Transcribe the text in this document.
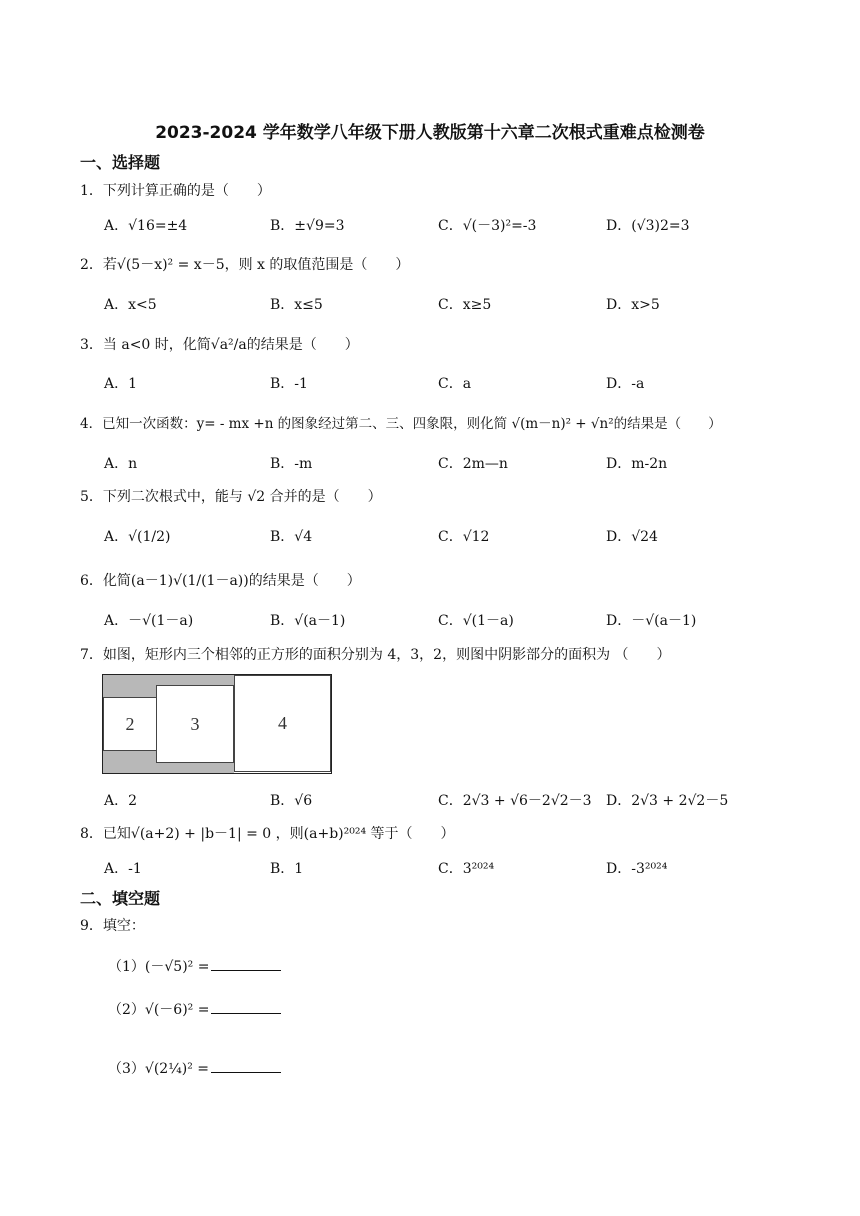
2023-2024 学年数学八年级下册人教版第十六章二次根式重难点检测卷
一、选择题
1．下列计算正确的是（　　）
A．√16=±4	B．±√9=3	C．√(－3)²=-3	D．(√3)2=3
2．若√(5－x)² = x－5，则 x 的取值范围是（　　）
A．x<5	B．x≤5	C．x≥5	D．x>5
3．当 a<0 时，化简√a²/a的结果是（　　）
A．1	B．-1	C．a	D．-a
4．已知一次函数：y= - mx +n 的图象经过第二、三、四象限，则化简 √(m－n)² + √n²的结果是（　　）
A．n	B．-m	C．2m—n	D．m-2n
5．下列二次根式中，能与 √2 合并的是（　　）
A．√(1/2)	B．√4	C．√12	D．√24
6．化简(a－1)√(1/(1－a))的结果是（　　）
A．－√(1－a)	B．√(a－1)	C．√(1－a)	D．－√(a－1)
7．如图，矩形内三个相邻的正方形的面积分别为 4，3，2，则图中阴影部分的面积为 （　　）
2	3	4
A．2	B．√6	C．2√3 + √6－2√2－3 D．2√3 + 2√2－5
8．已知√(a+2) + |b－1| = 0 ，则(a+b)²⁰²⁴ 等于（　　）
A．-1	B．1	C．3²⁰²⁴	D．-3²⁰²⁴
二、填空题
9．填空：
（1）(－√5)² =
（2）√(－6)² =
（3）√(2¼)² =
